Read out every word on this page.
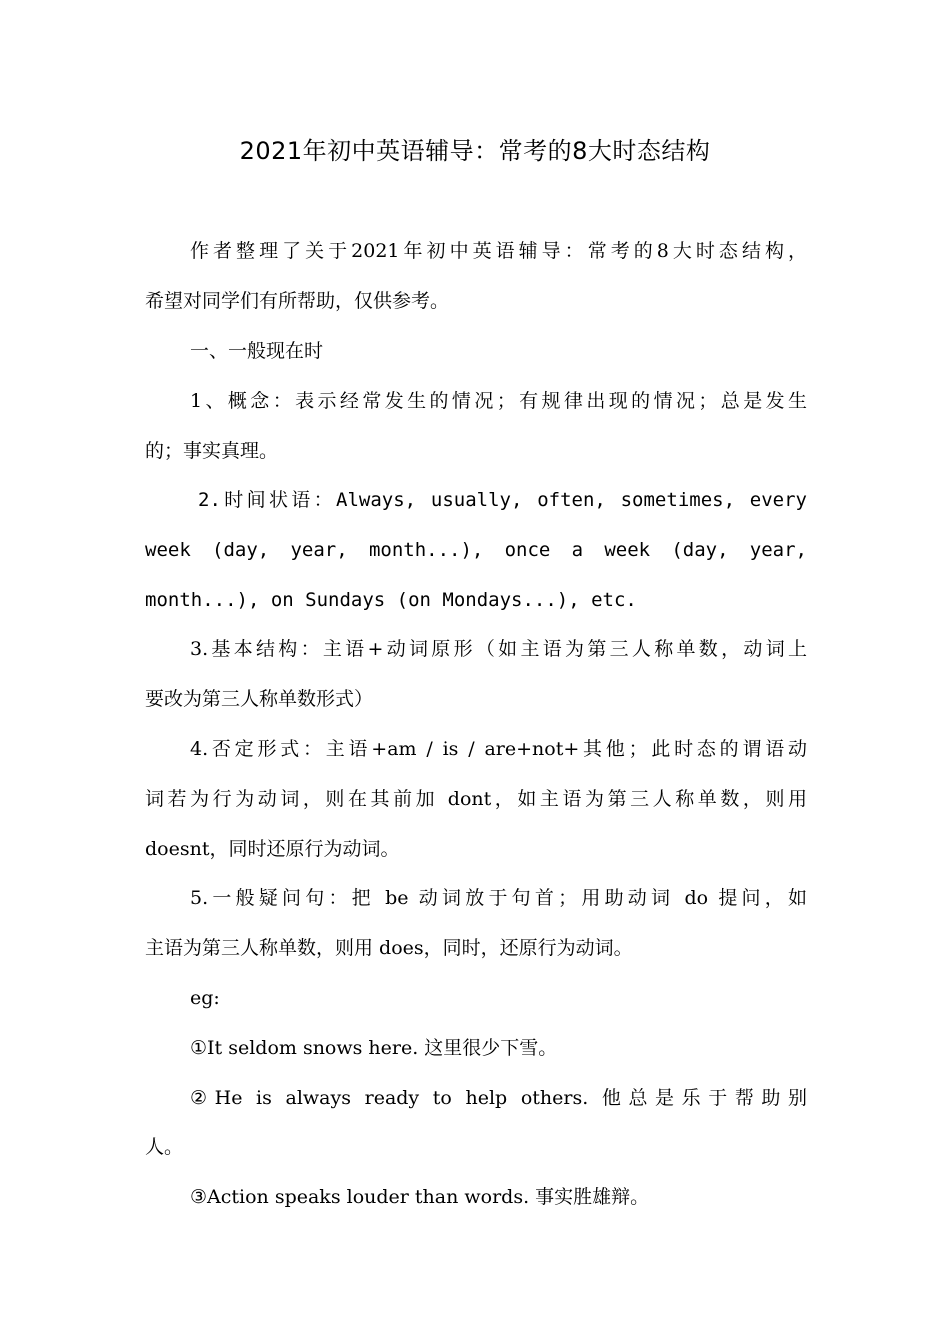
2021年初中英语辅导：常考的8大时态结构
作者整理了关于2021年初中英语辅导：常考的8大时态结构，
希望对同学们有所帮助，仅供参考。
一、一般现在时
1、概念：表示经常发生的情况；有规律出现的情况；总是发生
的；事实真理。
2.时间状语：Always, usually, often, sometimes, every
week (day, year, month...), once a week (day, year,
month...), on Sundays (on Mondays...), etc.
3.基本结构：主语+动词原形（如主语为第三人称单数，动词上
要改为第三人称单数形式）
4.否定形式：主语+am / is / are+not+其他；此时态的谓语动
词若为行为动词，则在其前加 dont，如主语为第三人称单数，则用
doesnt，同时还原行为动词。
5.一般疑问句：把 be 动词放于句首；用助动词 do 提问，如
主语为第三人称单数，则用 does，同时，还原行为动词。
eg:
①It seldom snows here. 这里很少下雪。
②He is always ready to help others. 他总是乐于帮助别
人。
③Action speaks louder than words. 事实胜雄辩。
